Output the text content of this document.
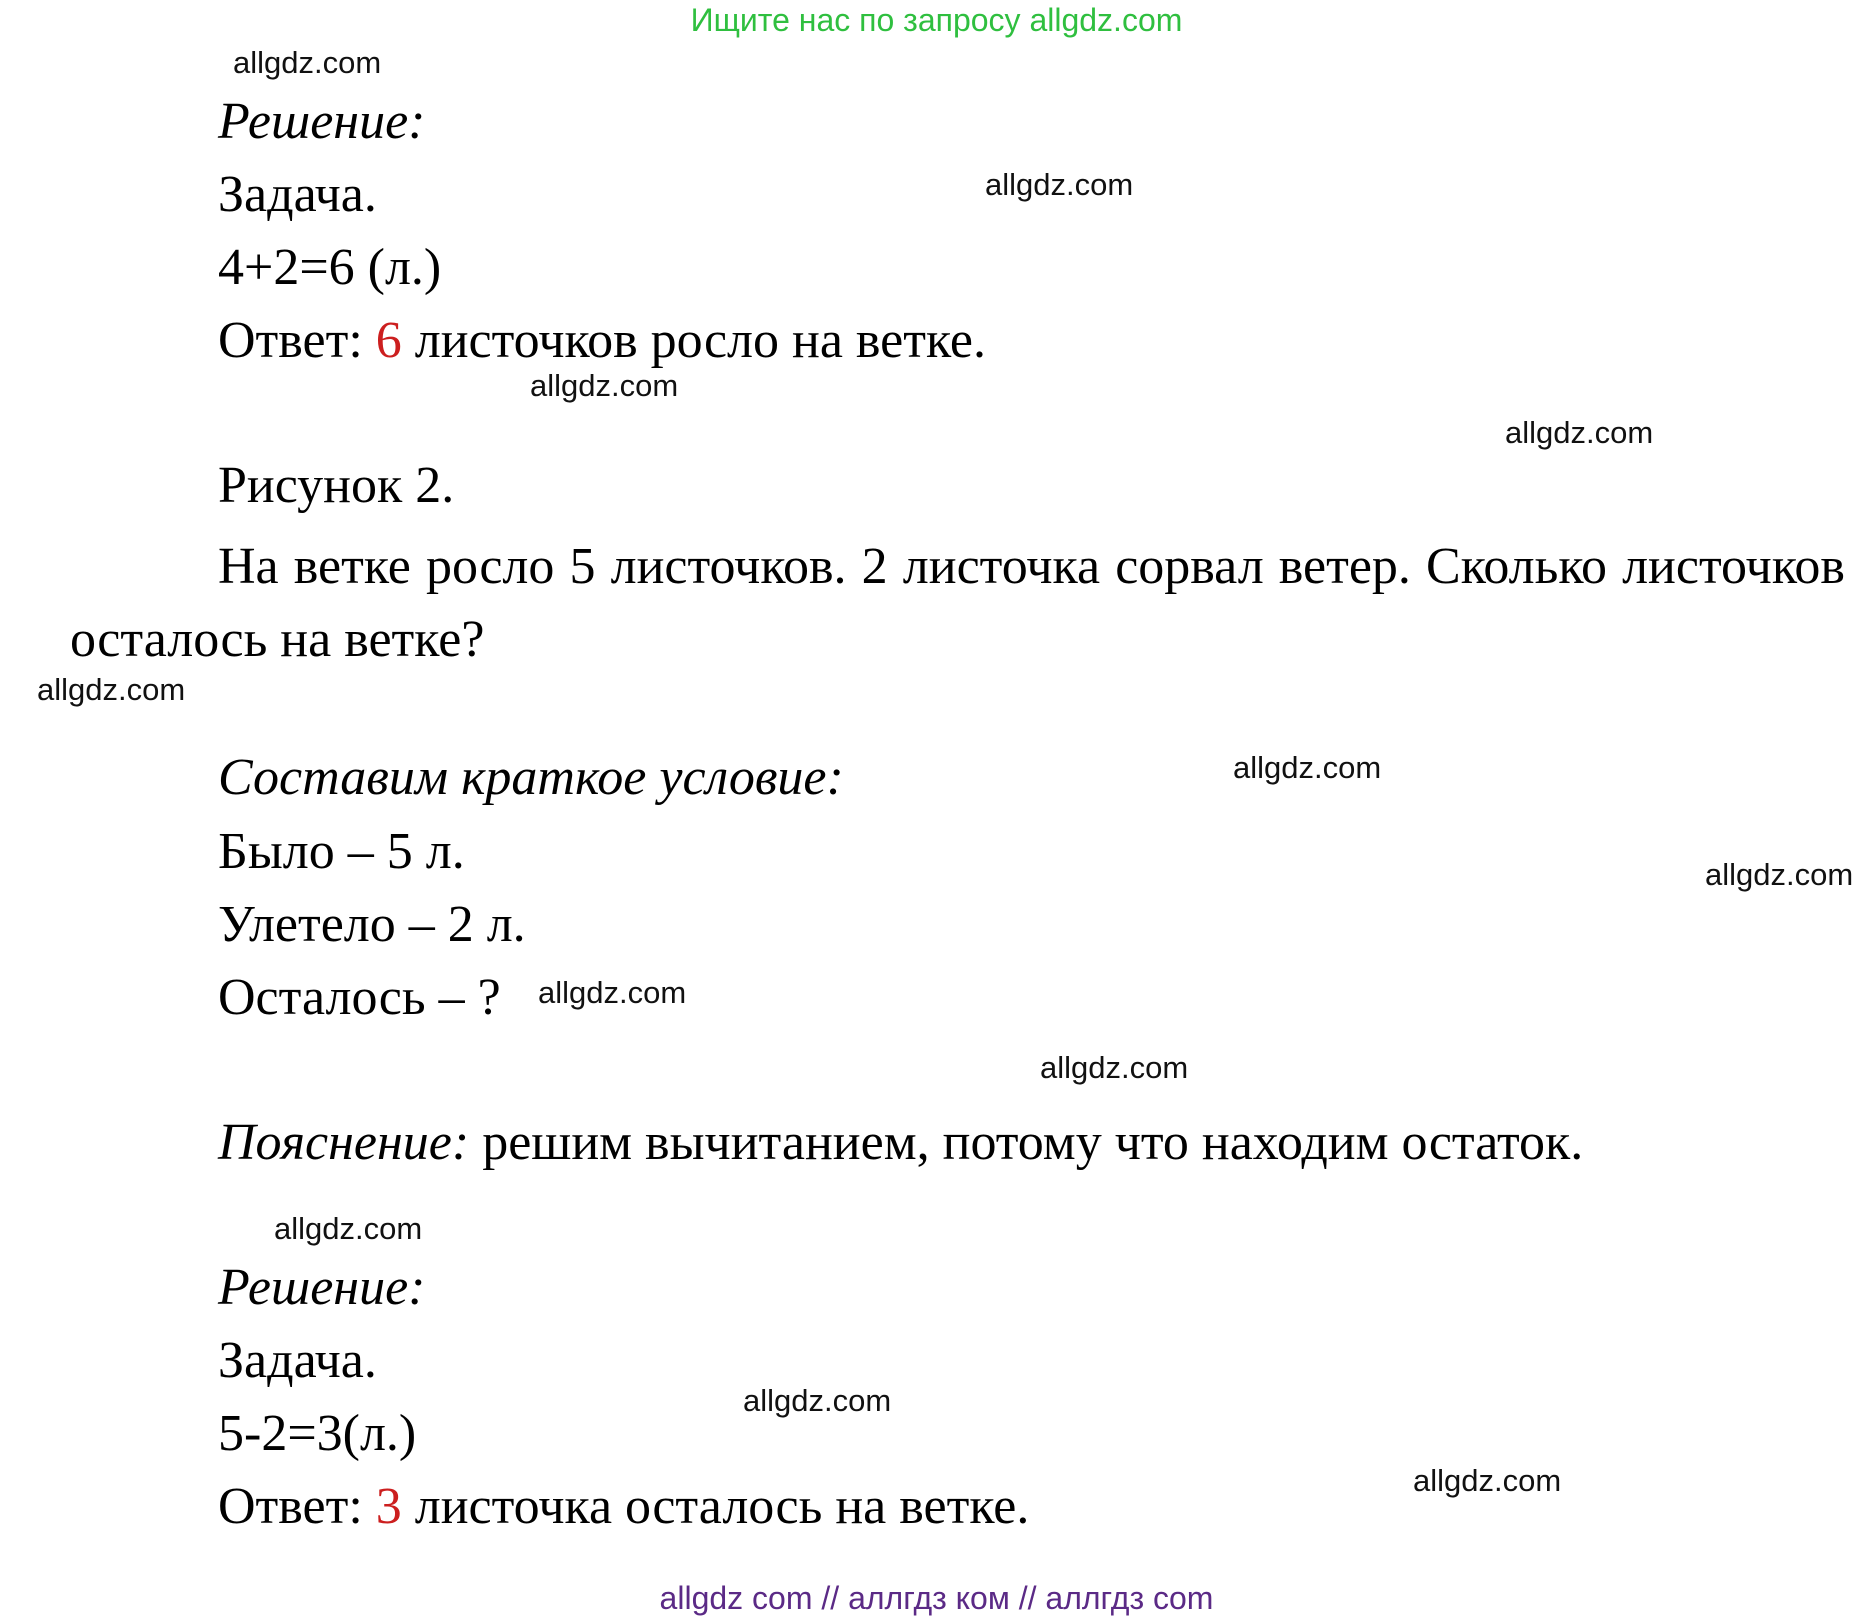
Ищите нас по запросу allgdz.com
allgdz.com
allgdz.com
allgdz.com
allgdz.com
allgdz.com
allgdz.com
allgdz.com
allgdz.com
allgdz.com
allgdz.com
allgdz.com
allgdz.com
Решение:
Задача.
4+2=6 (л.)
Ответ: 6 листочков росло на ветке.
Рисунок 2.
На ветке росло 5 листочков. 2 листочка сорвал ветер. Сколько листочков осталось на ветке?
Составим краткое условие:
Было – 5 л.
Улетело – 2 л.
Осталось – ?
Пояснение: решим вычитанием, потому что находим остаток.
Решение:
Задача.
5-2=3(л.)
Ответ: 3 листочка осталось на ветке.
allgdz com // аллгдз ком // аллгдз com
